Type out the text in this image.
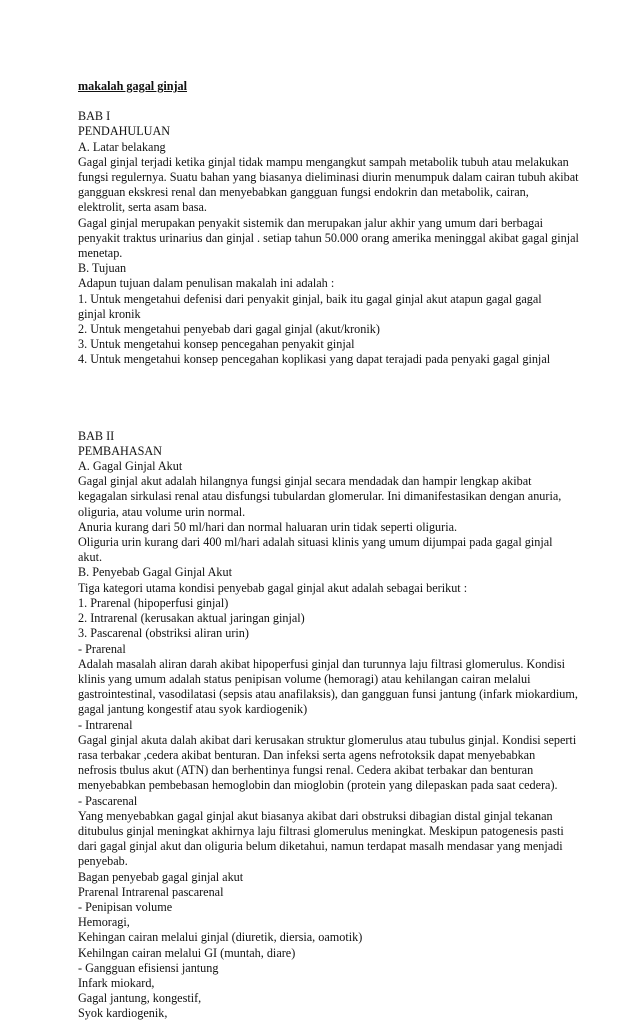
makalah gagal ginjal
BAB I
PENDAHULUAN
A. Latar belakang
Gagal ginjal terjadi ketika ginjal tidak mampu mengangkut sampah metabolik tubuh atau melakukan
fungsi regulernya. Suatu bahan yang biasanya dieliminasi diurin menumpuk dalam cairan tubuh akibat
gangguan ekskresi renal dan menyebabkan gangguan fungsi endokrin dan metabolik, cairan,
elektrolit, serta asam basa.
Gagal ginjal merupakan penyakit sistemik dan merupakan jalur akhir yang umum dari berbagai
penyakit traktus urinarius dan ginjal . setiap tahun 50.000 orang amerika meninggal akibat gagal ginjal
menetap.
B. Tujuan
Adapun tujuan dalam penulisan makalah ini adalah :
1. Untuk mengetahui defenisi dari penyakit ginjal, baik itu gagal ginjal akut atapun gagal gagal
ginjal kronik
2. Untuk mengetahui penyebab dari gagal ginjal (akut/kronik)
3. Untuk mengetahui konsep pencegahan penyakit ginjal
4. Untuk mengetahui konsep pencegahan koplikasi yang dapat terajadi pada penyaki gagal ginjal
BAB II
PEMBAHASAN
A. Gagal Ginjal Akut
Gagal ginjal akut adalah hilangnya fungsi ginjal secara mendadak dan hampir lengkap akibat
kegagalan sirkulasi renal atau disfungsi tubulardan glomerular. Ini dimanifestasikan dengan anuria,
oliguria, atau volume urin normal.
Anuria kurang dari 50 ml/hari dan normal haluaran urin tidak seperti oliguria.
Oliguria urin kurang dari 400 ml/hari adalah situasi klinis yang umum dijumpai pada gagal ginjal
akut.
B. Penyebab Gagal Ginjal Akut
Tiga kategori utama kondisi penyebab gagal ginjal akut adalah sebagai berikut :
1. Prarenal (hipoperfusi ginjal)
2. Intrarenal (kerusakan aktual jaringan ginjal)
3. Pascarenal (obstriksi aliran urin)
- Prarenal
Adalah masalah aliran darah akibat hipoperfusi ginjal dan turunnya laju filtrasi glomerulus. Kondisi
klinis yang umum adalah status penipisan volume (hemoragi) atau kehilangan cairan melalui
gastrointestinal, vasodilatasi (sepsis atau anafilaksis), dan gangguan funsi jantung (infark miokardium,
gagal jantung kongestif atau syok kardiogenik)
- Intrarenal
Gagal ginjal akuta dalah akibat dari kerusakan struktur glomerulus atau tubulus ginjal. Kondisi seperti
rasa terbakar ,cedera akibat benturan. Dan infeksi serta agens nefrotoksik dapat menyebabkan
nefrosis tbulus akut (ATN) dan berhentinya fungsi renal. Cedera akibat terbakar dan benturan
menyebabkan pembebasan hemoglobin dan mioglobin (protein yang dilepaskan pada saat cedera).
- Pascarenal
Yang menyebabkan gagal ginjal akut biasanya akibat dari obstruksi dibagian distal ginjal tekanan
ditubulus ginjal meningkat akhirnya laju filtrasi glomerulus meningkat. Meskipun patogenesis pasti
dari gagal ginjal akut dan oliguria belum diketahui, namun terdapat masalh mendasar yang menjadi
penyebab.
Bagan penyebab gagal ginjal akut
Prarenal Intrarenal pascarenal
- Penipisan volume
Hemoragi,
Kehingan cairan melalui ginjal (diuretik, diersia, oamotik)
Kehilngan cairan melalui GI (muntah, diare)
- Gangguan efisiensi jantung
Infark miokard,
Gagal jantung, kongestif,
Syok kardiogenik,
